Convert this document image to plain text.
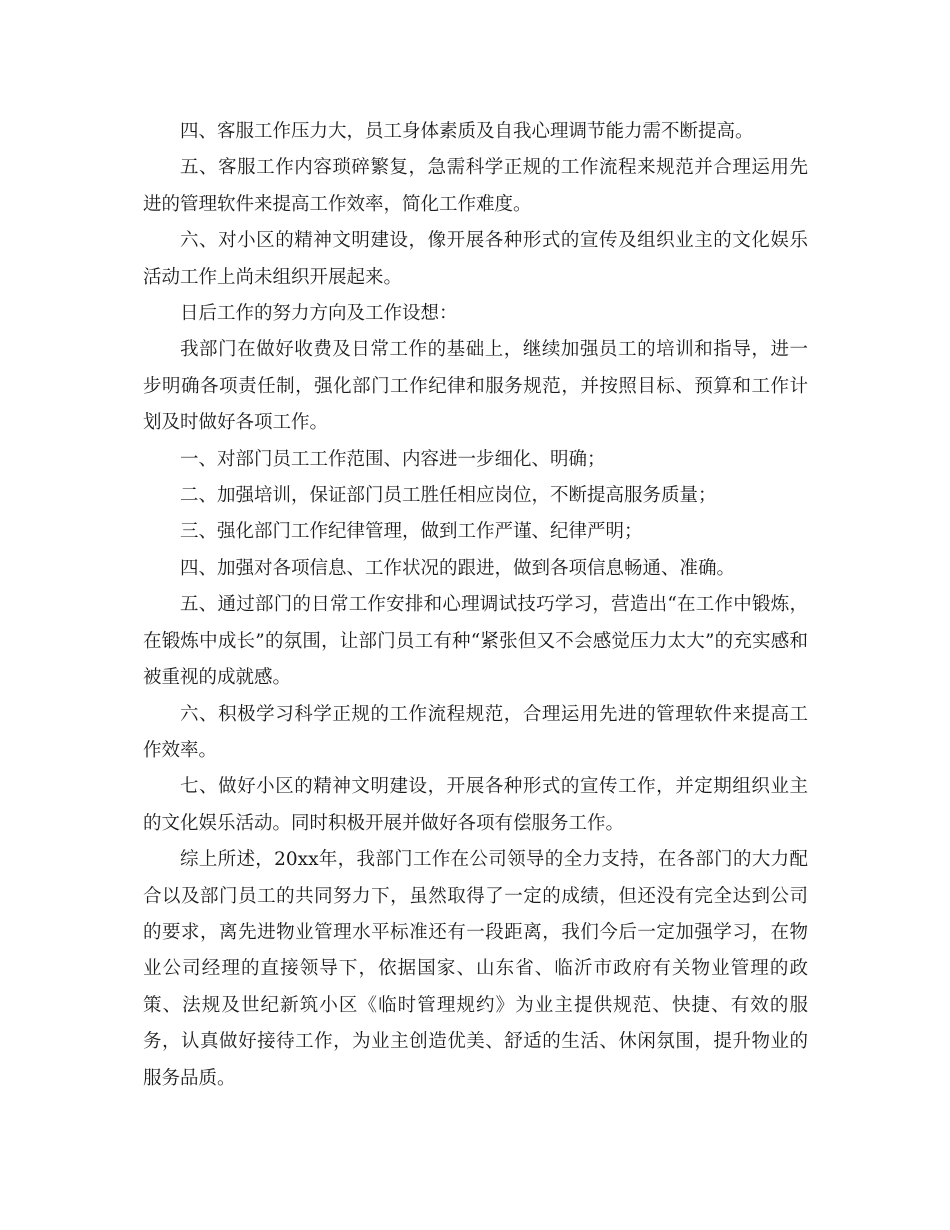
四、客服工作压力大，员工身体素质及自我心理调节能力需不断提高。

五、客服工作内容琐碎繁复，急需科学正规的工作流程来规范并合理运用先进的管理软件来提高工作效率，简化工作难度。

六、对小区的精神文明建设，像开展各种形式的宣传及组织业主的文化娱乐活动工作上尚未组织开展起来。

日后工作的努力方向及工作设想：

我部门在做好收费及日常工作的基础上，继续加强员工的培训和指导，进一步明确各项责任制，强化部门工作纪律和服务规范，并按照目标、预算和工作计划及时做好各项工作。

一、对部门员工工作范围、内容进一步细化、明确；

二、加强培训，保证部门员工胜任相应岗位，不断提高服务质量；

三、强化部门工作纪律管理，做到工作严谨、纪律严明；

四、加强对各项信息、工作状况的跟进，做到各项信息畅通、准确。

五、通过部门的日常工作安排和心理调试技巧学习，营造出“在工作中锻炼，在锻炼中成长”的氛围，让部门员工有种“紧张但又不会感觉压力太大”的充实感和被重视的成就感。

六、积极学习科学正规的工作流程规范，合理运用先进的管理软件来提高工作效率。

七、做好小区的精神文明建设，开展各种形式的宣传工作，并定期组织业主的文化娱乐活动。同时积极开展并做好各项有偿服务工作。

综上所述，20xx年，我部门工作在公司领导的全力支持，在各部门的大力配合以及部门员工的共同努力下，虽然取得了一定的成绩，但还没有完全达到公司的要求，离先进物业管理水平标准还有一段距离，我们今后一定加强学习，在物业公司经理的直接领导下，依据国家、山东省、临沂市政府有关物业管理的政策、法规及世纪新筑小区《临时管理规约》为业主提供规范、快捷、有效的服务，认真做好接待工作，为业主创造优美、舒适的生活、休闲氛围，提升物业的服务品质。
